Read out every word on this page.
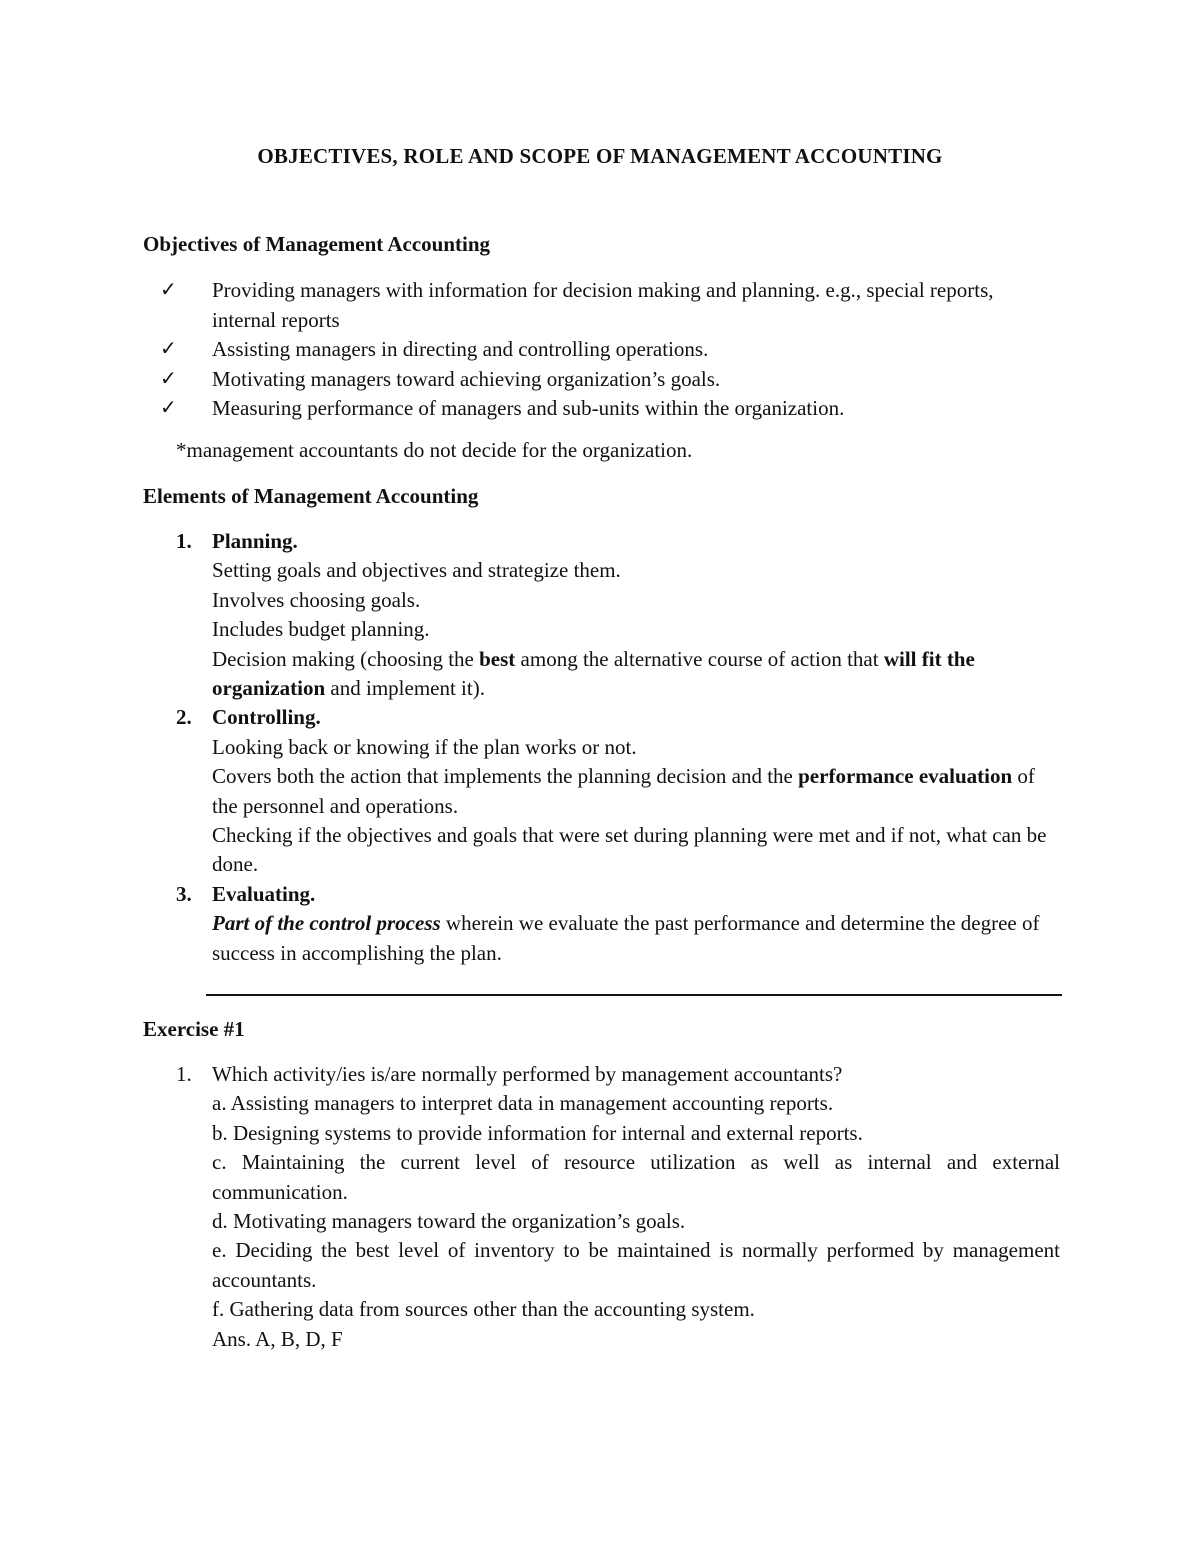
OBJECTIVES, ROLE AND SCOPE OF MANAGEMENT ACCOUNTING
Objectives of Management Accounting
✓ Providing managers with information for decision making and planning. e.g., special reports, internal reports
✓ Assisting managers in directing and controlling operations.
✓ Motivating managers toward achieving organization’s goals.
✓ Measuring performance of managers and sub-units within the organization.
*management accountants do not decide for the organization.
Elements of Management Accounting
1. Planning.
Setting goals and objectives and strategize them.
Involves choosing goals.
Includes budget planning.
Decision making (choosing the best among the alternative course of action that will fit the organization and implement it).
2. Controlling.
Looking back or knowing if the plan works or not.
Covers both the action that implements the planning decision and the performance evaluation of the personnel and operations.
Checking if the objectives and goals that were set during planning were met and if not, what can be done.
3. Evaluating.
Part of the control process wherein we evaluate the past performance and determine the degree of success in accomplishing the plan.
Exercise #1
1. Which activity/ies is/are normally performed by management accountants?
a. Assisting managers to interpret data in management accounting reports.
b. Designing systems to provide information for internal and external reports.
c. Maintaining the current level of resource utilization as well as internal and external communication.
d. Motivating managers toward the organization’s goals.
e. Deciding the best level of inventory to be maintained is normally performed by management accountants.
f. Gathering data from sources other than the accounting system.
Ans. A, B, D, F
